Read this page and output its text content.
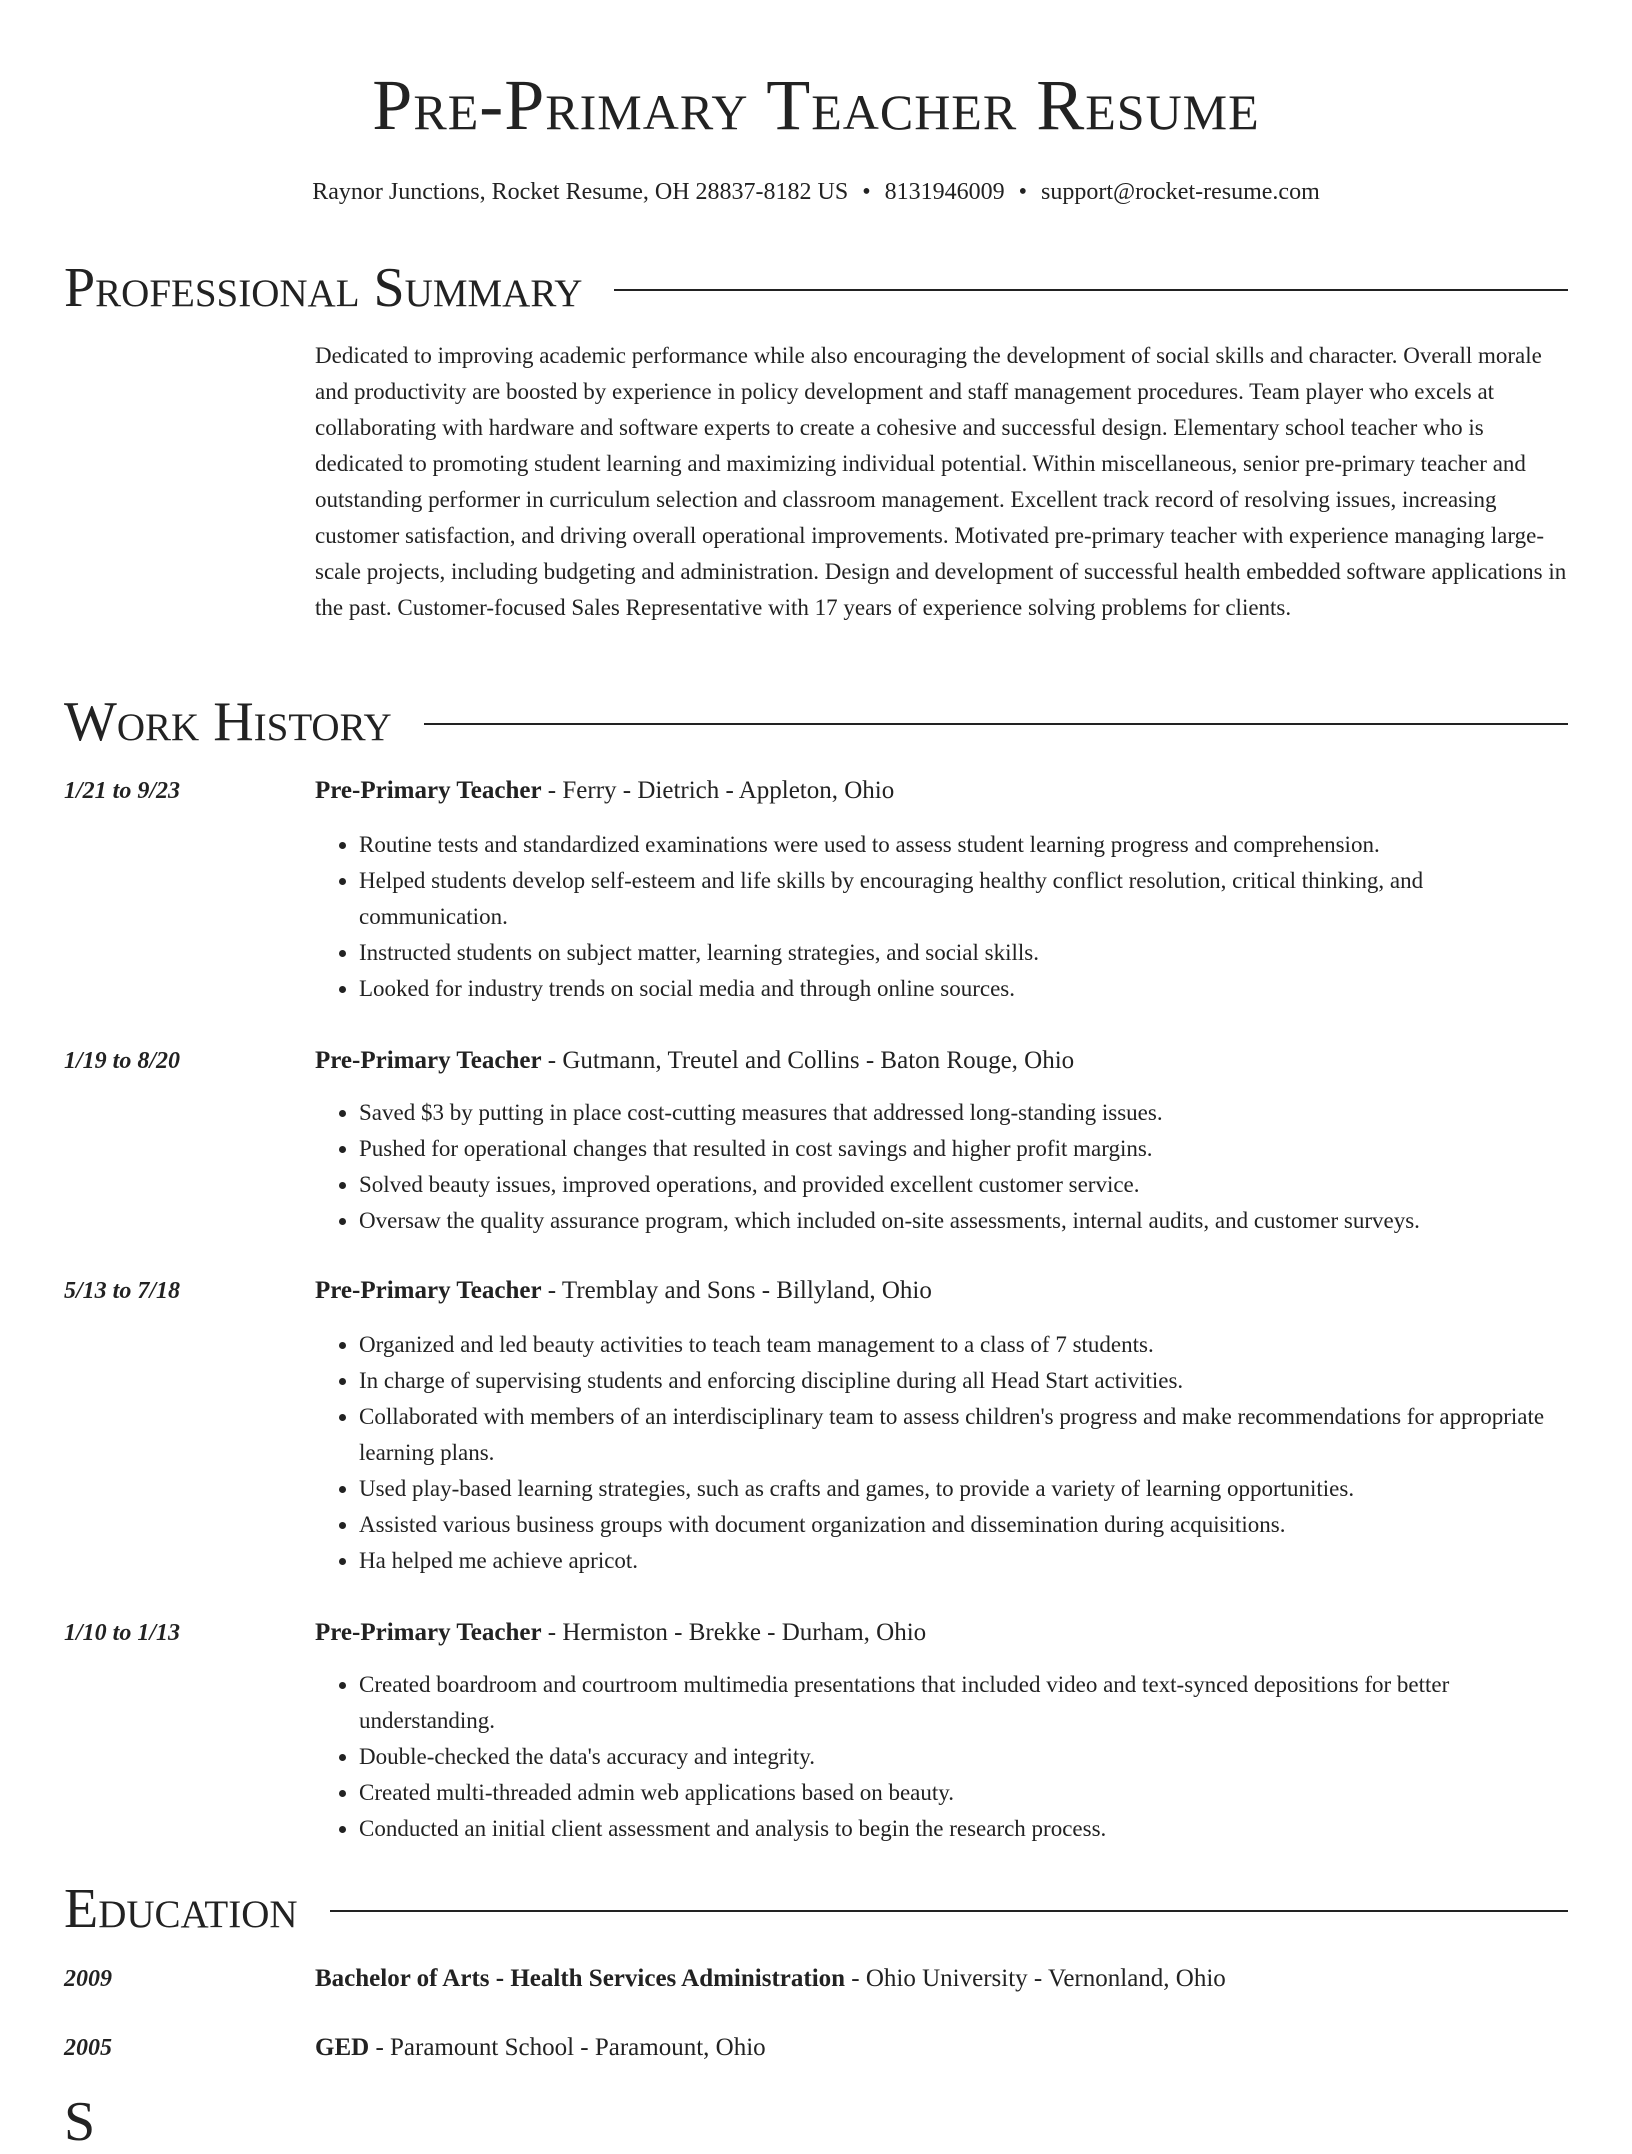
Pre-Primary Teacher Resume
Raynor Junctions, Rocket Resume, OH 28837-8182 US • 8131946009 • support@rocket-resume.com
Professional Summary

Dedicated to improving academic performance while also encouraging the development of social skills and character. Overall morale and productivity are boosted by experience in policy development and staff management procedures. Team player who excels at collaborating with hardware and software experts to create a cohesive and successful design. Elementary school teacher who is dedicated to promoting student learning and maximizing individual potential. Within miscellaneous, senior pre-primary teacher and outstanding performer in curriculum selection and classroom management. Excellent track record of resolving issues, increasing customer satisfaction, and driving overall operational improvements. Motivated pre-primary teacher with experience managing large-scale projects, including budgeting and administration. Design and development of successful health embedded software applications in the past. Customer-focused Sales Representative with 17 years of experience solving problems for clients.

Work History
1/21 to 9/23	Pre-Primary Teacher - Ferry - Dietrich - Appleton, Ohio
• Routine tests and standardized examinations were used to assess student learning progress and comprehension.
• Helped students develop self-esteem and life skills by encouraging healthy conflict resolution, critical thinking, and communication.
• Instructed students on subject matter, learning strategies, and social skills.
• Looked for industry trends on social media and through online sources.
1/19 to 8/20	Pre-Primary Teacher - Gutmann, Treutel and Collins - Baton Rouge, Ohio
• Saved $3 by putting in place cost-cutting measures that addressed long-standing issues.
• Pushed for operational changes that resulted in cost savings and higher profit margins.
• Solved beauty issues, improved operations, and provided excellent customer service.
• Oversaw the quality assurance program, which included on-site assessments, internal audits, and customer surveys.
5/13 to 7/18	Pre-Primary Teacher - Tremblay and Sons - Billyland, Ohio
• Organized and led beauty activities to teach team management to a class of 7 students.
• In charge of supervising students and enforcing discipline during all Head Start activities.
• Collaborated with members of an interdisciplinary team to assess children's progress and make recommendations for appropriate learning plans.
• Used play-based learning strategies, such as crafts and games, to provide a variety of learning opportunities.
• Assisted various business groups with document organization and dissemination during acquisitions.
• Ha helped me achieve apricot.
1/10 to 1/13	Pre-Primary Teacher - Hermiston - Brekke - Durham, Ohio
• Created boardroom and courtroom multimedia presentations that included video and text-synced depositions for better understanding.
• Double-checked the data's accuracy and integrity.
• Created multi-threaded admin web applications based on beauty.
• Conducted an initial client assessment and analysis to begin the research process.
Education
2009	Bachelor of Arts - Health Services Administration - Ohio University - Vernonland, Ohio
2005	GED - Paramount School - Paramount, Ohio
S
